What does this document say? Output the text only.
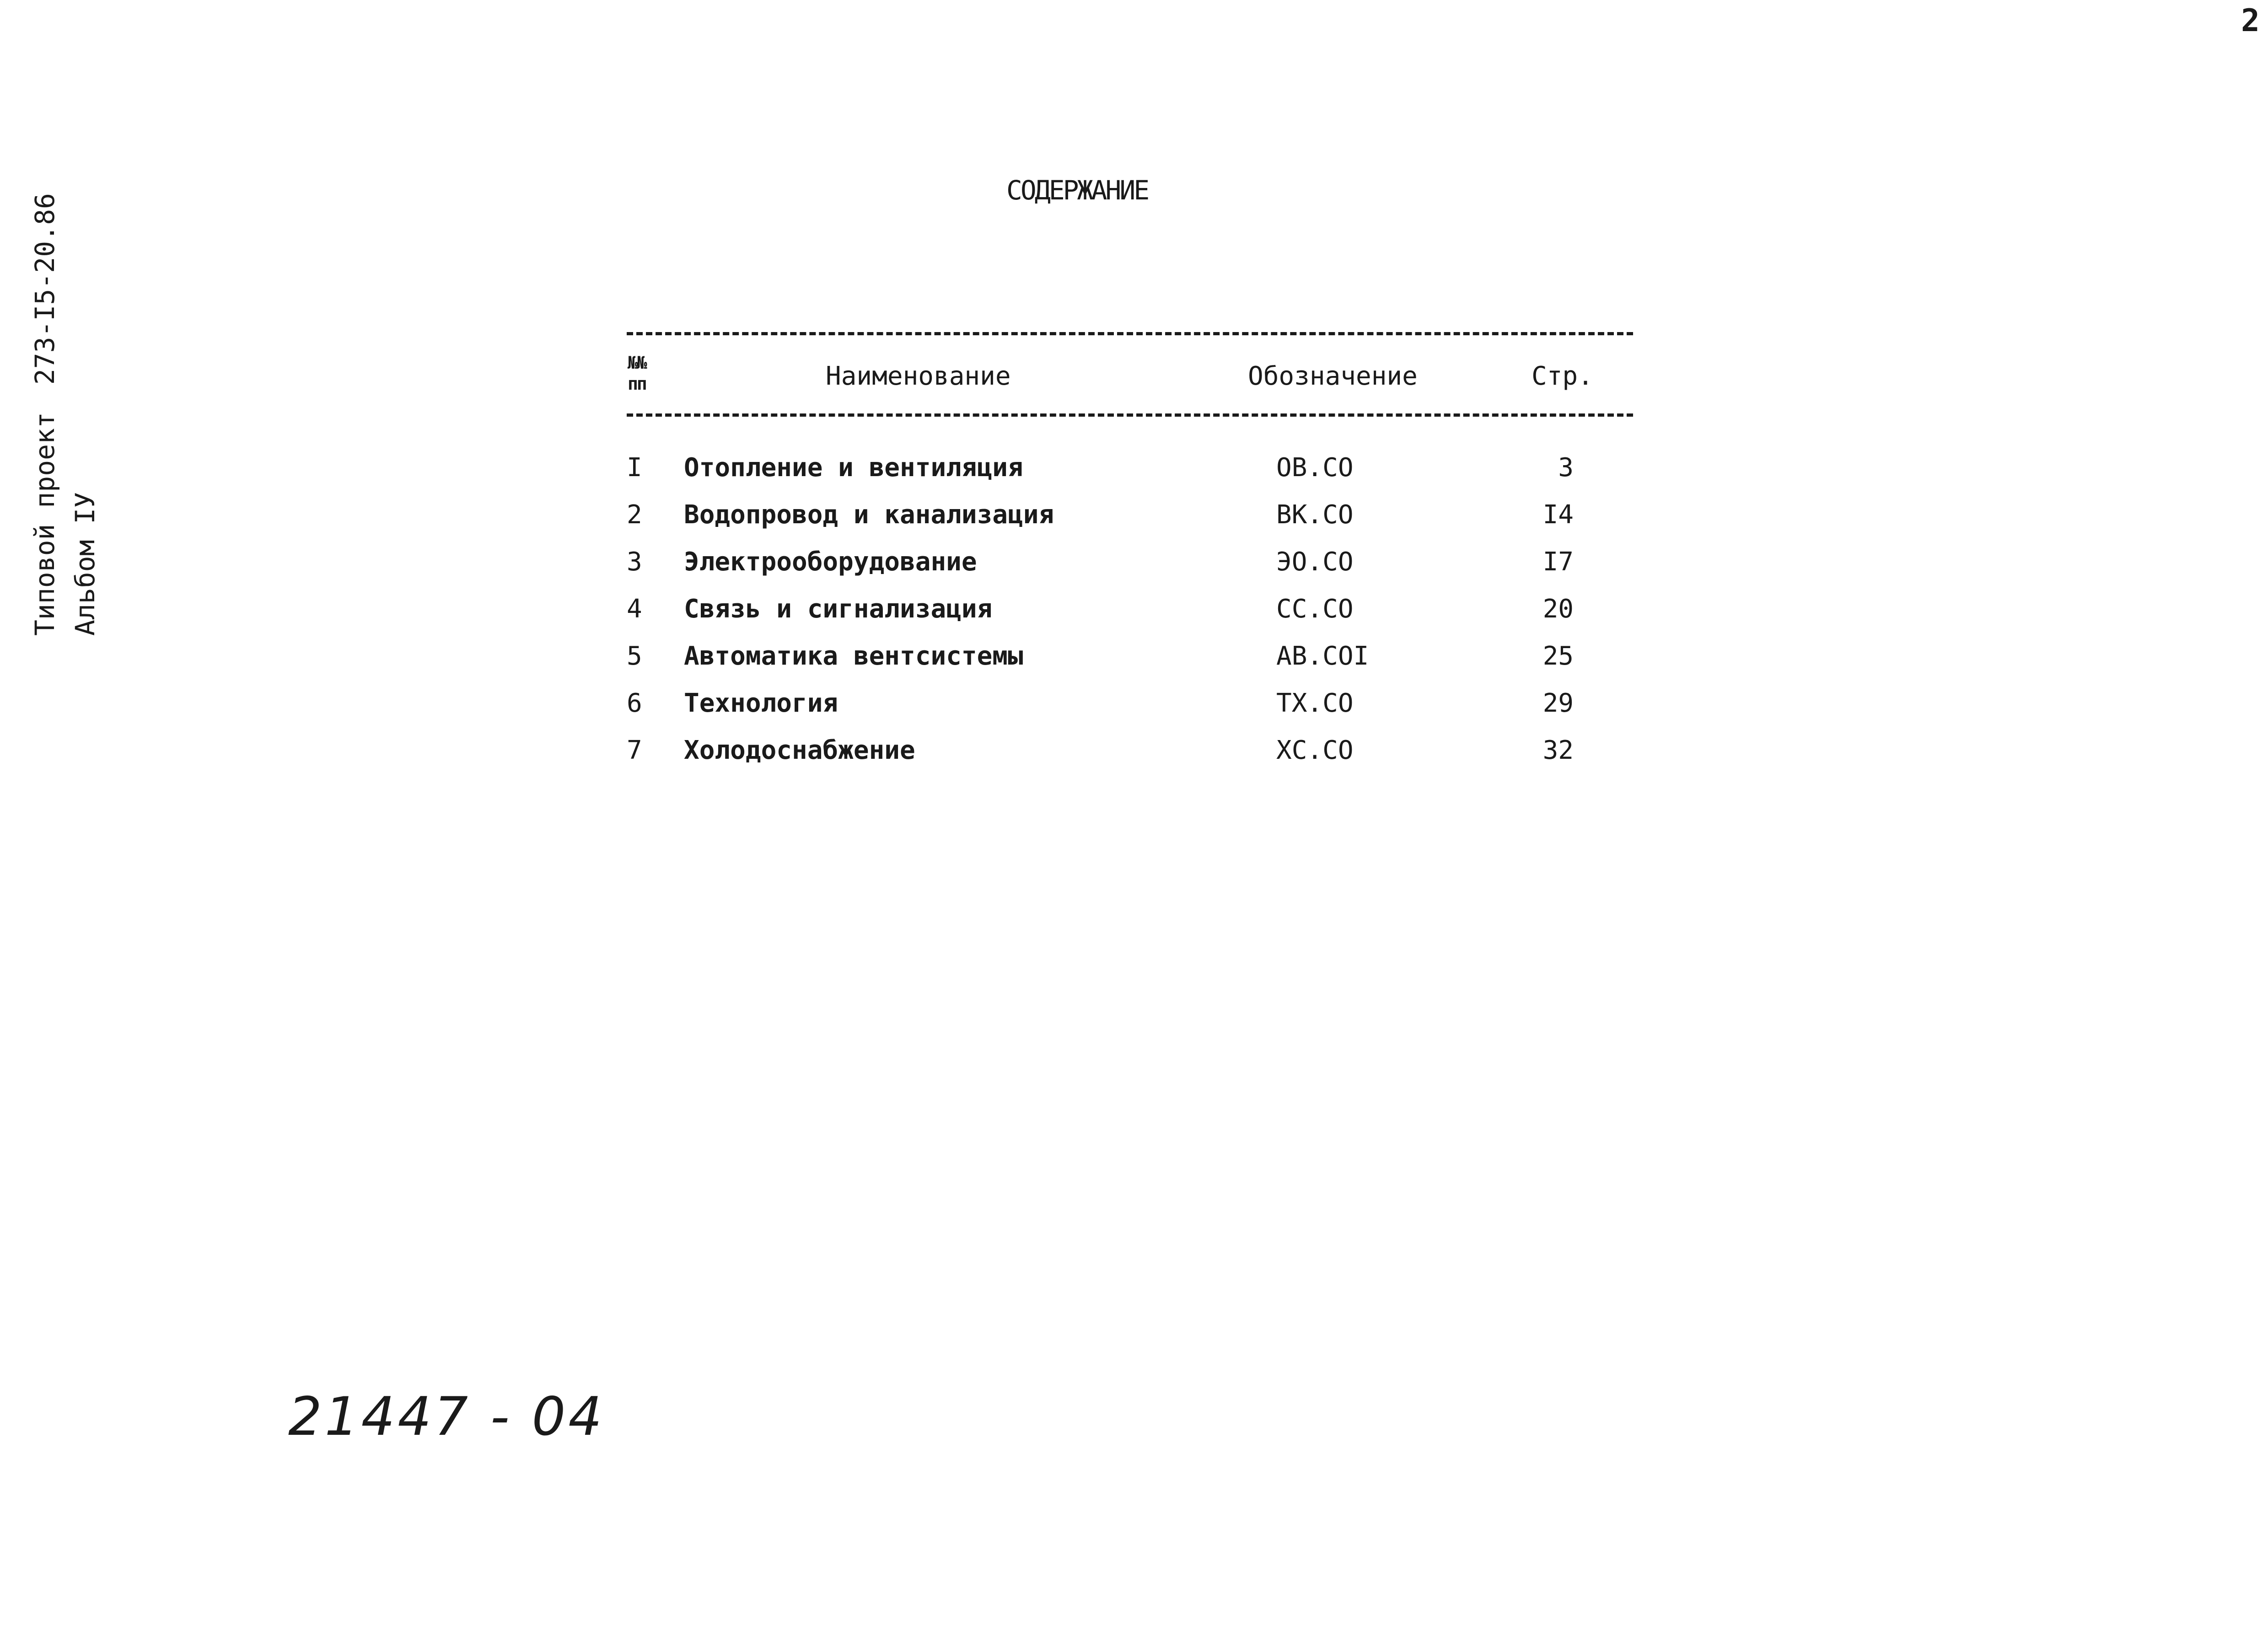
2
Типовой проект273-I5-20.86
Альбом IУ
СОДЕРЖАНИЕ
№№
пп	Наименование	Обозначение	Стр.
I Отопление и вентиляция	ОВ.СО	3
2 Водопровод и канализация	ВК.СО	I4
3 Электрооборудование	ЭО.СО	I7
4 Связь и сигнализация	СС.СО	20
5 Автоматика вентсистемы	АВ.СОI	25
6 Технология	ТХ.СО	29
7 Холодоснабжение	ХС.СО	32
21447 - 04
